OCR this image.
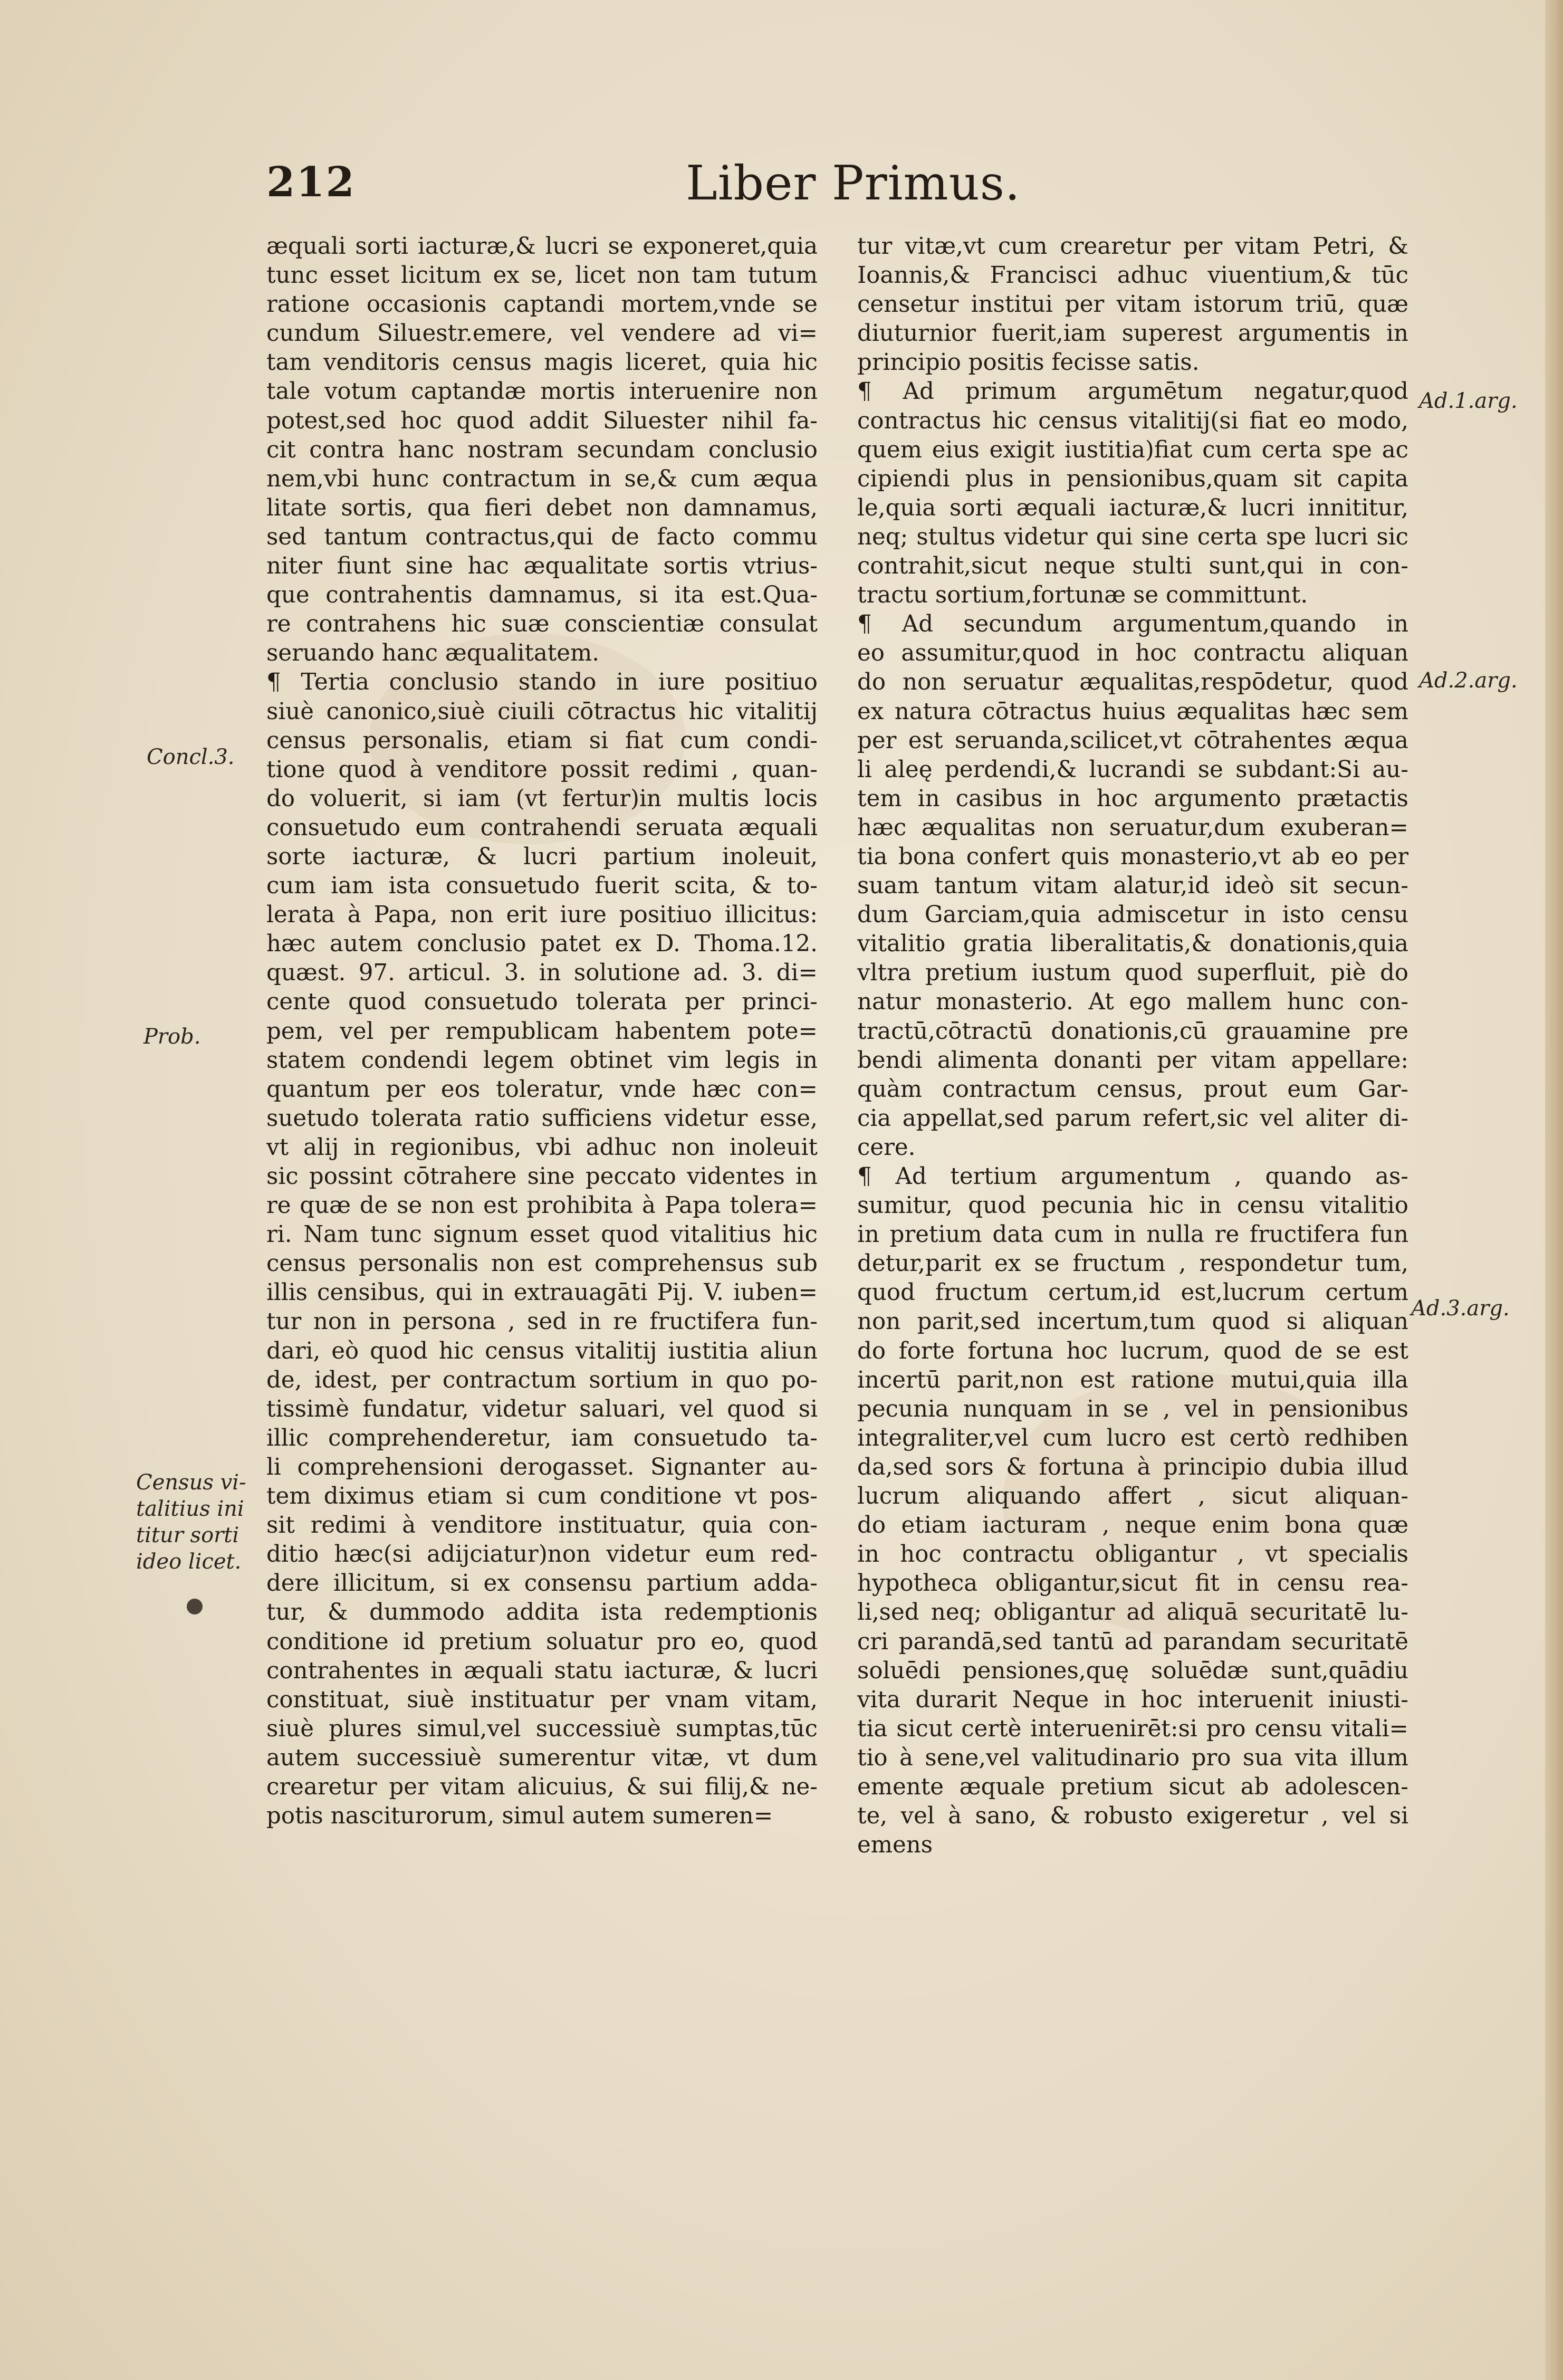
212	Liber Primus.

æquali sorti iacturæ,& lucri se exponeret,quia

tunc esset licitum ex se, licet non tam tutum

ratione occasionis captandi mortem,vnde se

cundum Siluestr.emere, vel vendere ad vi=

tam venditoris census magis liceret, quia hic

tale votum captandæ mortis interuenire non

potest,sed hoc quod addit Siluester nihil fa-

cit contra hanc nostram secundam conclusio

nem,vbi hunc contractum in se,& cum æqua

litate sortis, qua fieri debet non damnamus,

sed tantum contractus,qui de facto commu

niter fiunt sine hac æqualitate sortis vtrius-

que contrahentis damnamus, si ita est.Qua-

re contrahens hic suæ conscientiæ consulat

seruando hanc æqualitatem.

¶ Tertia conclusio stando in iure positiuo

siuè canonico,siuè ciuili cōtractus hic vitalitij

census personalis, etiam si fiat cum condi-

tione quod à venditore possit redimi , quan-

do voluerit, si iam (vt fertur)in multis locis

consuetudo eum contrahendi seruata æquali

sorte iacturæ, & lucri partium inoleuit,

cum iam ista consuetudo fuerit scita, & to-

lerata à Papa, non erit iure positiuo illicitus:

hæc autem conclusio patet ex D. Thoma.12.

quæst. 97. articul. 3. in solutione ad. 3. di=

cente quod consuetudo tolerata per princi-

pem, vel per rempublicam habentem pote=

statem condendi legem obtinet vim legis in

quantum per eos toleratur, vnde hæc con=

suetudo tolerata ratio sufficiens videtur esse,

vt alij in regionibus, vbi adhuc non inoleuit

sic possint cōtrahere sine peccato videntes in

re quæ de se non est prohibita à Papa tolera=

ri. Nam tunc signum esset quod vitalitius hic

census personalis non est comprehensus sub

illis censibus, qui in extrauagāti Pij. V. iuben=

tur non in persona , sed in re fructifera fun-

dari, eò quod hic census vitalitij iustitia aliun

de, idest, per contractum sortium in quo po-

tissimè fundatur, videtur saluari, vel quod si

illic comprehenderetur, iam consuetudo ta-

li comprehensioni derogasset. Signanter au-

tem diximus etiam si cum conditione vt pos-

sit redimi à venditore instituatur, quia con-

ditio hæc(si adijciatur)non videtur eum red-

dere illicitum, si ex consensu partium adda-

tur, & dummodo addita ista redemptionis

conditione id pretium soluatur pro eo, quod

contrahentes in æquali statu iacturæ, & lucri

constituat, siuè instituatur per vnam vitam,

siuè plures simul,vel successiuè sumptas,tūc

autem successiuè sumerentur vitæ, vt dum

crearetur per vitam alicuius, & sui filij,& ne-

potis nasciturorum, simul autem sumeren=

tur vitæ,vt cum crearetur per vitam Petri, &

Ioannis,& Francisci adhuc viuentium,& tūc

censetur institui per vitam istorum triū, quæ

diuturnior fuerit,iam superest argumentis in

principio positis fecisse satis.

¶ Ad primum argumētum negatur,quod

contractus hic census vitalitij(si fiat eo modo,

quem eius exigit iustitia)fiat cum certa spe ac

cipiendi plus in pensionibus,quam sit capita

le,quia sorti æquali iacturæ,& lucri innititur,

neq; stultus videtur qui sine certa spe lucri sic

contrahit,sicut neque stulti sunt,qui in con-

tractu sortium,fortunæ se committunt.

¶ Ad secundum argumentum,quando in

eo assumitur,quod in hoc contractu aliquan

do non seruatur æqualitas,respōdetur, quod

ex natura cōtractus huius æqualitas hæc sem

per est seruanda,scilicet,vt cōtrahentes æqua

li aleę perdendi,& lucrandi se subdant:Si au-

tem in casibus in hoc argumento prætactis

hæc æqualitas non seruatur,dum exuberan=

tia bona confert quis monasterio,vt ab eo per

suam tantum vitam alatur,id ideò sit secun-

dum Garciam,quia admiscetur in isto censu

vitalitio gratia liberalitatis,& donationis,quia

vltra pretium iustum quod superfluit, piè do

natur monasterio. At ego mallem hunc con-

tractū,cōtractū donationis,cū grauamine pre

bendi alimenta donanti per vitam appellare:

quàm contractum census, prout eum Gar-

cia appellat,sed parum refert,sic vel aliter di-

cere.

¶ Ad tertium argumentum , quando as-

sumitur, quod pecunia hic in censu vitalitio

in pretium data cum in nulla re fructifera fun

detur,parit ex se fructum , respondetur tum,

quod fructum certum,id est,lucrum certum

non parit,sed incertum,tum quod si aliquan

do forte fortuna hoc lucrum, quod de se est

incertū parit,non est ratione mutui,quia illa

pecunia nunquam in se , vel in pensionibus

integraliter,vel cum lucro est certò redhiben

da,sed sors & fortuna à principio dubia illud

lucrum aliquando affert , sicut aliquan-

do etiam iacturam , neque enim bona quæ

in hoc contractu obligantur , vt specialis

hypotheca obligantur,sicut fit in censu rea-

li,sed neq; obligantur ad aliquā securitatē lu-

cri parandā,sed tantū ad parandam securitatē

soluēdi pensiones,quę soluēdæ sunt,quādiu

vita durarit Neque in hoc interuenit iniusti-

tia sicut certè interuenirēt:si pro censu vitali=

tio à sene,vel valitudinario pro sua vita illum

emente æquale pretium sicut ab adolescen-

te, vel à sano, & robusto exigeretur , vel si

emens

Concl.3.
Prob.
Census vi-
talitius ini
titur sorti
ideo licet.
Ad.1.arg.
Ad.2.arg.
Ad.3.arg.
